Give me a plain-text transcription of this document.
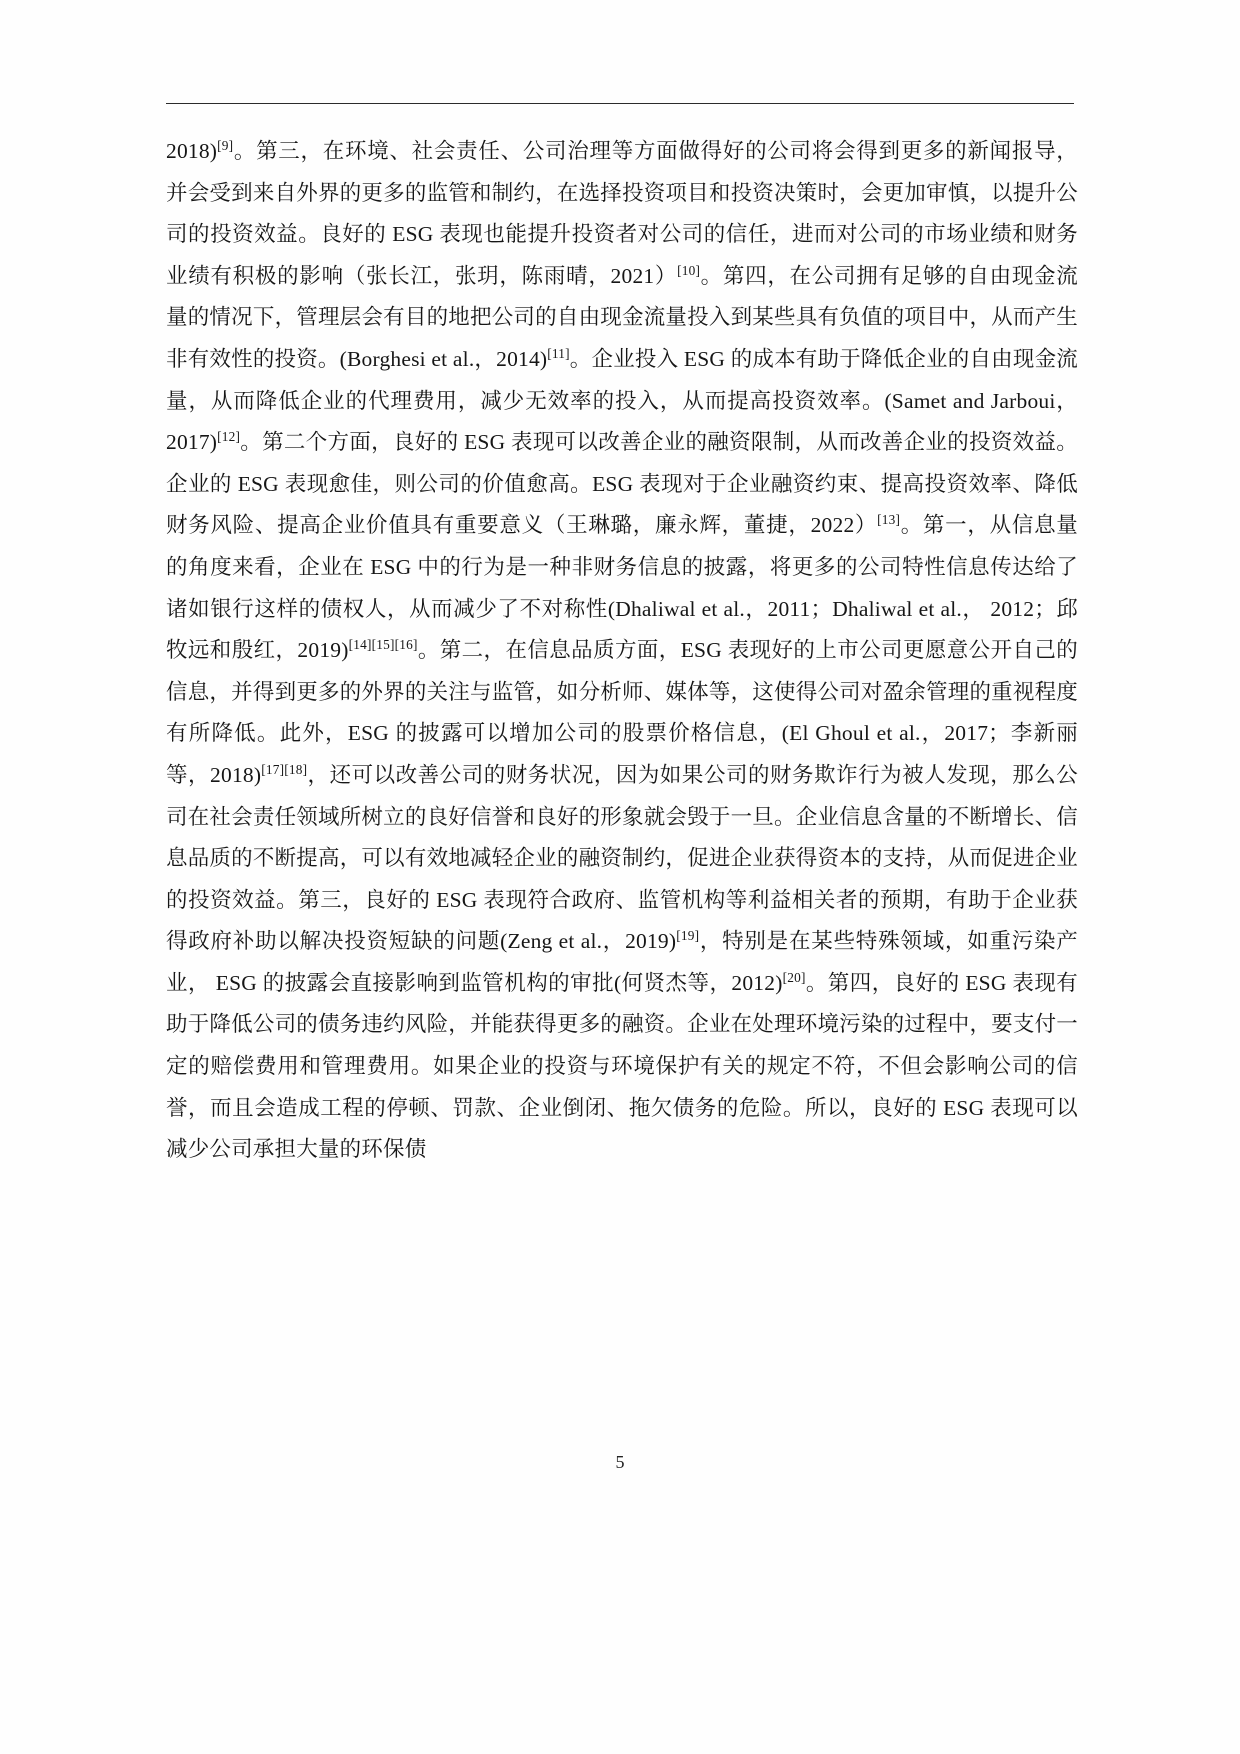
2018)[9]。第三，在环境、社会责任、公司治理等方面做得好的公司将会得到更多的新闻报导，并会受到来自外界的更多的监管和制约，在选择投资项目和投资决策时，会更加审慎，以提升公司的投资效益。良好的 ESG 表现也能提升投资者对公司的信任，进而对公司的市场业绩和财务业绩有积极的影响（张长江，张玥，陈雨晴，2021）[10]。第四，在公司拥有足够的自由现金流量的情况下，管理层会有目的地把公司的自由现金流量投入到某些具有负值的项目中，从而产生非有效性的投资。(Borghesi et al.，2014)[11]。企业投入 ESG 的成本有助于降低企业的自由现金流量，从而降低企业的代理费用，减少无效率的投入，从而提高投资效率。(Samet and Jarboui，2017)[12]。第二个方面，良好的 ESG 表现可以改善企业的融资限制，从而改善企业的投资效益。企业的 ESG 表现愈佳，则公司的价值愈高。ESG 表现对于企业融资约束、提高投资效率、降低财务风险、提高企业价值具有重要意义（王琳璐，廉永辉，董捷，2022）[13]。第一，从信息量的角度来看，企业在 ESG 中的行为是一种非财务信息的披露，将更多的公司特性信息传达给了诸如银行这样的债权人，从而减少了不对称性(Dhaliwal et al.，2011；Dhaliwal et al.， 2012；邱牧远和殷红，2019)[14][15][16]。第二，在信息品质方面，ESG 表现好的上市公司更愿意公开自己的信息，并得到更多的外界的关注与监管，如分析师、媒体等，这使得公司对盈余管理的重视程度有所降低。此外，ESG 的披露可以增加公司的股票价格信息，(El Ghoul et al.，2017；李新丽等，2018)[17][18]，还可以改善公司的财务状况，因为如果公司的财务欺诈行为被人发现，那么公司在社会责任领域所树立的良好信誉和良好的形象就会毁于一旦。企业信息含量的不断增长、信息品质的不断提高，可以有效地减轻企业的融资制约，促进企业获得资本的支持，从而促进企业的投资效益。第三，良好的 ESG 表现符合政府、监管机构等利益相关者的预期，有助于企业获得政府补助以解决投资短缺的问题(Zeng et al.，2019)[19]，特别是在某些特殊领域，如重污染产业， ESG 的披露会直接影响到监管机构的审批(何贤杰等，2012)[20]。第四，良好的 ESG 表现有助于降低公司的债务违约风险，并能获得更多的融资。企业在处理环境污染的过程中，要支付一定的赔偿费用和管理费用。如果企业的投资与环境保护有关的规定不符，不但会影响公司的信誉，而且会造成工程的停顿、罚款、企业倒闭、拖欠债务的危险。所以，良好的 ESG 表现可以减少公司承担大量的环保债

5
